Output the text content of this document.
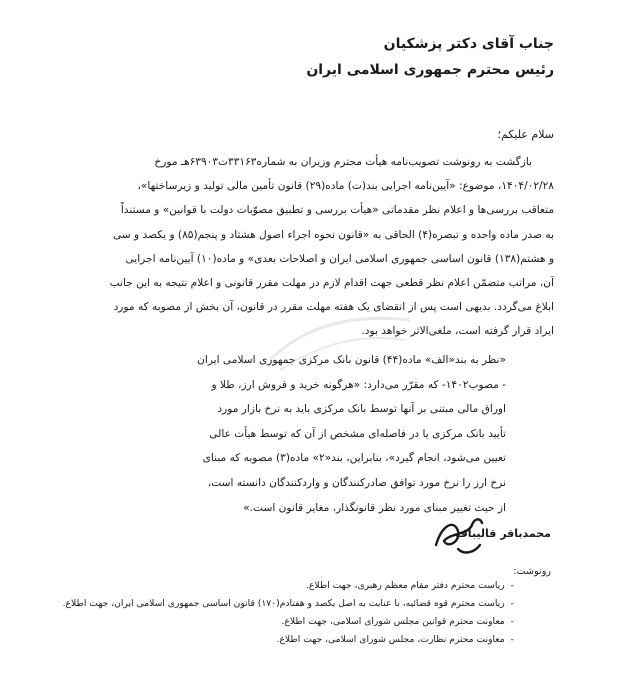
جناب آقای دکتر پزشکیان
رئیس محترم جمهوری اسلامی ایران
سلام علیکم؛
بازگشت به رونوشت تصویب‌نامه هیأت محترم وزیران به شماره۳۳۱۶۳ت۶۳۹۰۳هـ مورخ
۱۴۰۴/۰۲/۲۸، موضوع: «آیین‌نامه اجرایی بند(ت) ماده(۲۹) قانون تأمین مالی تولید و زیرساختها»،
متعاقب بررسی‌ها و اعلام نظر مقدماتی «هیأت بررسی و تطبیق مصوّبات دولت با قوانین» و مستنداً
به صدر ماده واحده و تبصره(۴) الحاقی به «قانون نحوه اجراء اصول هشتاد و پنجم(۸۵) و یکصد و سی
و هشتم(۱۳۸) قانون اساسی جمهوری اسلامی ایران و اصلاحات بعدی» و ماده(۱۰) آیین‌نامه اجرایی
آن، مراتب متضمّن اعلام نظر قطعی جهت اقدام لازم در مهلت مقرر قانونی و اعلام نتیجه به این جانب
ابلاغ می‌گردد. بدیهی است پس از انقضای یک هفته مهلت مقرر در قانون، آن بخش از مصوبه که مورد
ایراد قرار گرفته است، ملغی‌الاثر خواهد بود.
«نظر به بند«الف» ماده(۴۴) قانون بانک مرکزی جمهوری اسلامی ایران
- مصوب۱۴۰۲- که مقرّر می‌دارد: «هرگونه خرید و فروش ارز، طلا و
اوراق مالی مبتنی بر آنها توسط بانک مرکزی باید به نرخ بازار مورد
تأیید بانک مرکزی یا در فاصله‌ای مشخص از آن که توسط هیأت عالی
تعیین می‌شود، انجام گیرد»، بنابراین، بند«۲» ماده(۳) مصوبه که مبنای
نرخ ارز را نرخ مورد توافق صادرکنندگان و واردکنندگان دانسته است،
از حیث تغییر مبنای مورد نظر قانونگذار، مغایر قانون است.»
محمدباقر قالیباف
رونوشت:
-ریاست محترم دفتر مقام معظم رهبری، جهت اطلاع.
-ریاست محترم قوه قضائیه، با عنایت به اصل یکصد و هفتادم(۱۷۰) قانون اساسی جمهوری اسلامی ایران، جهت اطلاع.
-معاونت محترم قوانین مجلس شورای اسلامی، جهت اطلاع.
-معاونت محترم نظارت، مجلس شورای اسلامی، جهت اطلاع.
